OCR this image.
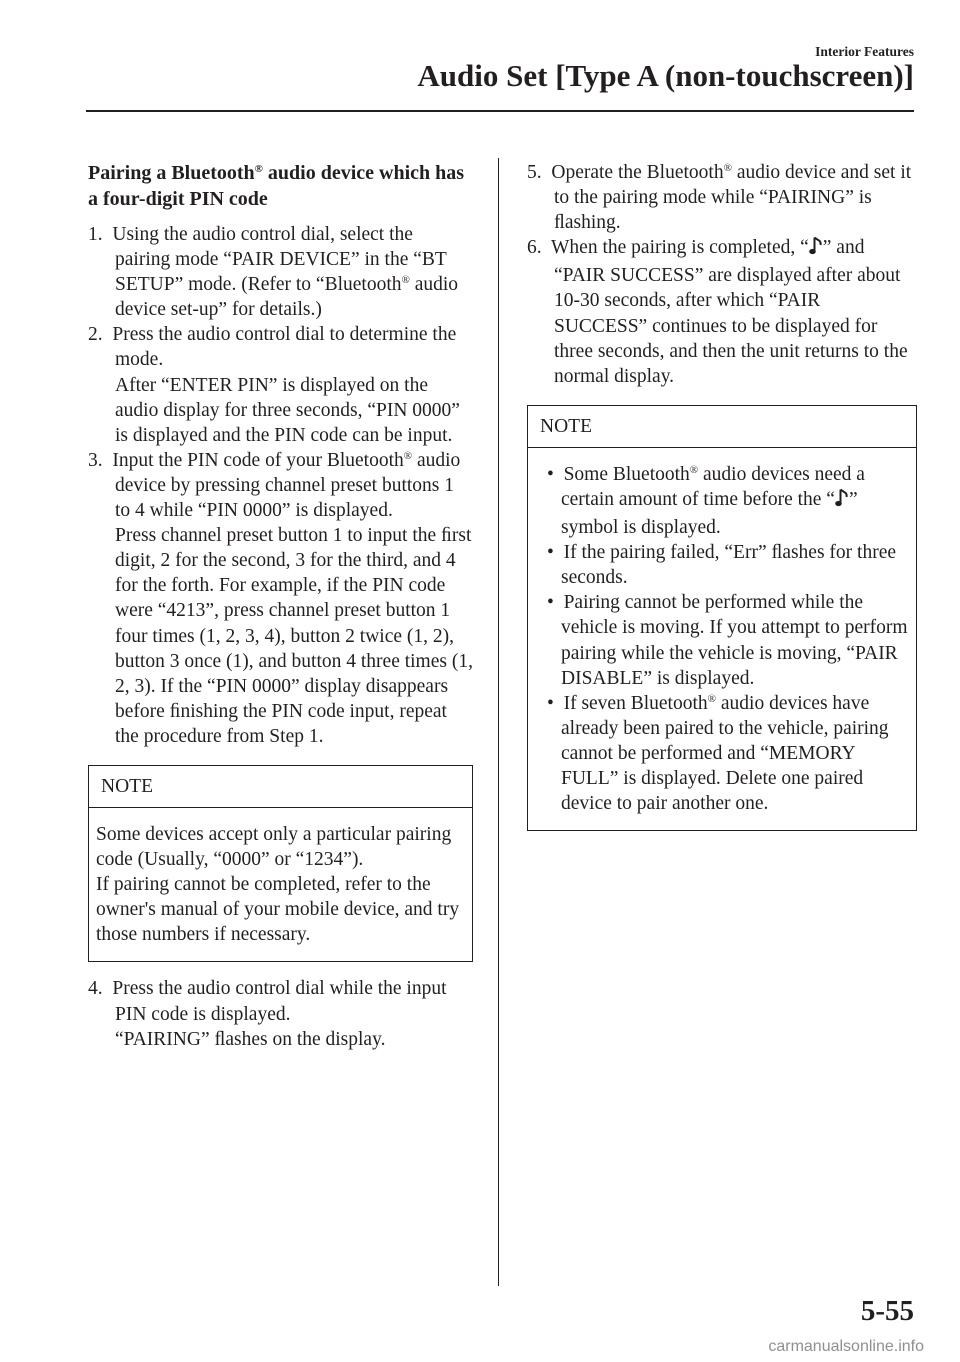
Interior Features
Audio Set [Type A (non-touchscreen)]
Pairing a Bluetooth® audio device which has a four-digit PIN code
1. Using the audio control dial, select the pairing mode “PAIR DEVICE” in the “BT SETUP” mode. (Refer to “Bluetooth® audio device set-up” for details.)
2. Press the audio control dial to determine the mode.
After “ENTER PIN” is displayed on the audio display for three seconds, “PIN 0000” is displayed and the PIN code can be input.
3. Input the PIN code of your Bluetooth® audio device by pressing channel preset buttons 1 to 4 while “PIN 0000” is displayed.
Press channel preset button 1 to input the ﬁrst digit, 2 for the second, 3 for the third, and 4 for the forth. For example, if the PIN code were “4213”, press channel preset button 1 four times (1, 2, 3, 4), button 2 twice (1, 2), button 3 once (1), and button 4 three times (1, 2, 3). If the “PIN 0000” display disappears before ﬁnishing the PIN code input, repeat the procedure from Step 1.
NOTE
Some devices accept only a particular pairing code (Usually, “0000” or “1234”).
If pairing cannot be completed, refer to the owner's manual of your mobile device, and try those numbers if necessary.
4. Press the audio control dial while the input PIN code is displayed.
“PAIRING” ﬂashes on the display.
5. Operate the Bluetooth® audio device and set it to the pairing mode while “PAIRING” is ﬂashing.
6. When the pairing is completed, “ ” and “PAIR SUCCESS” are displayed after about 10-30 seconds, after which “PAIR SUCCESS” continues to be displayed for three seconds, and then the unit returns to the normal display.
NOTE
• Some Bluetooth® audio devices need a certain amount of time before the “ ” symbol is displayed.
• If the pairing failed, “Err” ﬂashes for three seconds.
• Pairing cannot be performed while the vehicle is moving. If you attempt to perform pairing while the vehicle is moving, “PAIR DISABLE” is displayed.
• If seven Bluetooth® audio devices have already been paired to the vehicle, pairing cannot be performed and “MEMORY FULL” is displayed. Delete one paired device to pair another one.
5-55
carmanualsonline.info
